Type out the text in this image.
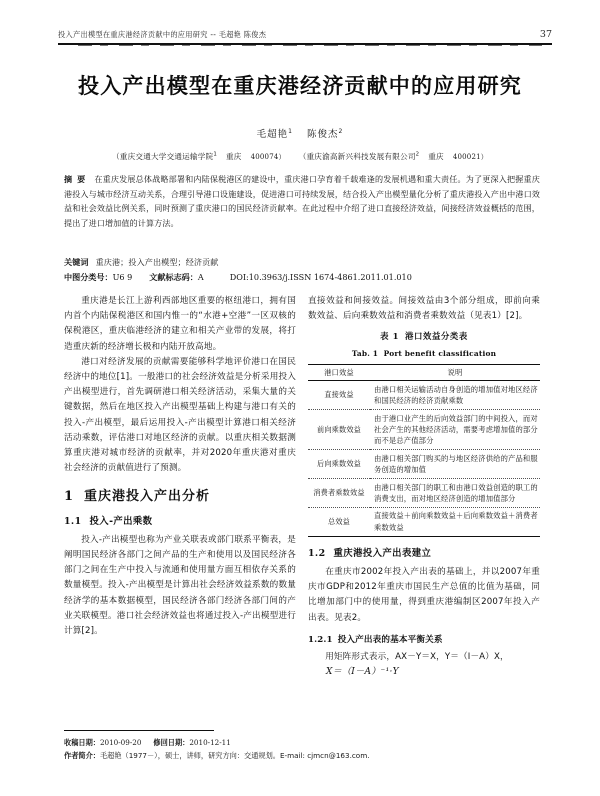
投入产出模型在重庆港经济贡献中的应用研究 -- 毛超艳 陈俊杰	37
投入产出模型在重庆港经济贡献中的应用研究
毛超艳$^1$ 陈俊杰$^2$
（重庆交通大学交通运输学院$^1$ 重庆 400074） （重庆渝高新兴科技发展有限公司$^2$ 重庆 400021）
摘要 在重庆发展总体战略部署和内陆保税港区的建设中，重庆港口孕育着千载难逢的发展机遇和重大责任。为了更深入把握重庆港投入与城市经济互动关系，合理引导港口设施建设，促进港口可持续发展，结合投入产出模型量化分析了重庆港投入产出中港口效益和社会效益比例关系，同时预测了重庆港口的国民经济贡献率。在此过程中介绍了进口直接经济效益，间接经济效益概括的范围，提出了进口增加值的计算方法。
关键词 重庆港；投入产出模型；经济贡献
中图分类号：U6 9 文献标志码：A	DOI:10.3963/j.ISSN 1674-4861.2011.01.010

重庆港是长江上游利西部地区重要的枢纽港口，拥有国内首个内陆保税港区和国内惟一的“水港+空港”一区双核的保税港区，重庆临港经济的建立和相关产业带的发展，将打造重庆新的经济增长极和内陆开放高地。

港口对经济发展的贡献需要能够科学地评价港口在国民经济中的地位[1]。一般港口的社会经济效益是分析采用投入产出模型进行，首先调研港口相关经济活动，采集大量的关键数据，然后在地区投入产出模型基础上构建与港口有关的投入-产出模型，最后运用投入-产出模型计算港口相关经济活动乘数，评估港口对地区经济的贡献。以重庆相关数据测算重庆港对城市经济的贡献率，并对2020年重庆港对重庆社会经济的贡献值进行了预测。

1 重庆港投入产出分析
1.1 投入-产出乘数

投入-产出模型也称为产业关联表或部门联系平衡表，是阐明国民经济各部门之间产品的生产和使用以及国民经济各部门之间在生产中投入与流通和使用量方面互相依存关系的数量模型。投入-产出模型是计算出社会经济效益系数的数量经济学的基本数据模型，国民经济各部门经济各部门间的产业关联模型。港口社会经济效益也将通过投入-产出模型进行计算[2]。

直接效益和间接效益。间接效益由3个部分组成，即前向乘数效益、后向乘数效益和消费者乘数效益（见表1）[2]。

表 1 港口效益分类表
Tab. 1 Port benefit classification
港口效益	说明
直接效益	由港口相关运输活动自身创造的增加值对地区经济和国民经济的经济贡献乘数
前向乘数效益	由于港口业产生的后向效益部门的中间投入，而对社会产生的其他经济活动，需要考虑增加值的部分而不是总产值部分
后向乘数效益	由港口相关部门购买的与地区经济供给的产品和服务创造的增加值
消费者乘数效益	由港口相关部门的职工和由港口效益创造的职工的消费支出，而对地区经济创造的增加值部分
总效益	直接效益＋前向乘数效益＋后向乘数效益＋消费者乘数效益
1.2 重庆港投入产出表建立

在重庆市2002年投入产出表的基础上，并以2007年重庆市GDP和2012年重庆市国民生产总值的比值为基础，同比增加部门中的使用量，得到重庆港编制区2007年投入产出表。见表2。

1.2.1 投入产出表的基本平衡关系

用矩阵形式表示，AX－Y＝X，Y＝（I－A）X，

X＝（I－A）⁻¹·Y

收稿日期：2010-09-20 修回日期：2010-12-11
作者简介：毛超艳（1977－），硕士，讲师，研究方向：交通规划。E-mail: cjmcn@163.com.
